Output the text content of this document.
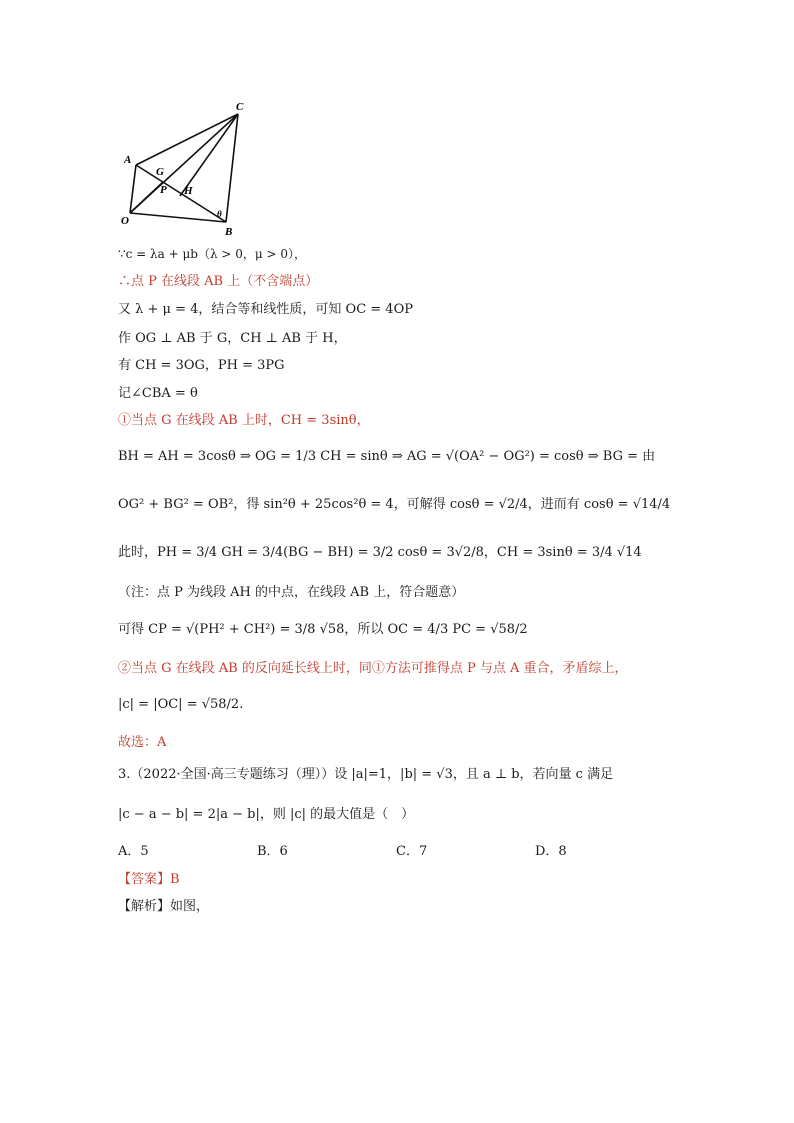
C
A
G
P H
O
θ
B
∵c = λa + μb（λ > 0，μ > 0），
∴点 P 在线段 AB 上（不含端点）
又 λ + μ = 4，结合等和线性质，可知 OC = 4OP
作 OG ⊥ AB 于 G，CH ⊥ AB 于 H，
有 CH = 3OG，PH = 3PG
记∠CBA = θ
①当点 G 在线段 AB 上时，CH = 3sinθ，
BH = AH = 3cosθ ⇒ OG = 1/3 CH = sinθ ⇒ AG = √(OA² − OG²) = cosθ ⇒ BG = 由
OG² + BG² = OB²，得 sin²θ + 25cos²θ = 4，可解得 cosθ = √2/4，进而有 cosθ = √14/4
此时，PH = 3/4 GH = 3/4(BG − BH) = 3/2 cosθ = 3√2/8，CH = 3sinθ = 3/4 √14
（注：点 P 为线段 AH 的中点，在线段 AB 上，符合题意）
可得 CP = √(PH² + CH²) = 3/8 √58，所以 OC = 4/3 PC = √58/2
②当点 G 在线段 AB 的反向延长线上时，同①方法可推得点 P 与点 A 重合，矛盾综上，
|c| = |OC| = √58/2.
故选：A
3.（2022·全国·高三专题练习（理））设 |a|=1，|b| = √3，且 a ⊥ b，若向量 c 满足
|c − a − b| = 2|a − b|，则 |c| 的最大值是（　）
A．5	B．6	C．7	D．8
【答案】B
【解析】如图，
